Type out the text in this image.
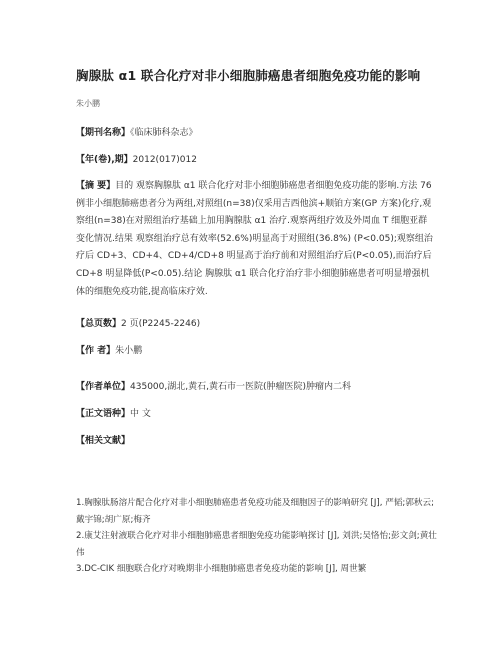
胸腺肽 α1 联合化疗对非小细胞肺癌患者细胞免疫功能的影响
朱小鹏
【期刊名称】《临床肺科杂志》
【年(卷),期】2012(017)012
【摘 要】目的 观察胸腺肽 α1 联合化疗对非小细胞肺癌患者细胞免疫功能的影响.方法 76 例非小细胞肺癌患者分为两组,对照组(n=38)仅采用吉西他滨+顺铂方案(GP 方案)化疗,观察组(n=38)在对照组治疗基础上加用胸腺肽 α1 治疗.观察两组疗效及外周血 T 细胞亚群变化情况.结果 观察组治疗总有效率(52.6%)明显高于对照组(36.8%) (P<0.05);观察组治疗后 CD+3、CD+4、CD+4/CD+8 明显高于治疗前和对照组治疗后(P<0.05),而治疗后 CD+8 明显降低(P<0.05).结论 胸腺肽 α1 联合化疗治疗非小细胞肺癌患者可明显增强机体的细胞免疫功能,提高临床疗效.
【总页数】2 页(P2245-2246)
【作 者】朱小鹏
【作者单位】435000,湖北,黄石,黄石市一医院(肿瘤医院)肿瘤内二科
【正文语种】中 文
【相关文献】
1.胸腺肽肠溶片配合化疗对非小细胞肺癌患者免疫功能及细胞因子的影响研究 [J], 严韬;郭秋云;戴宇锦;胡广原;梅齐
2.康艾注射液联合化疗对非小细胞肺癌患者细胞免疫功能影响探讨 [J], 刘洪;吴恪怡;彭文剑;黄壮伟
3.DC-CIK 细胞联合化疗对晚期非小细胞肺癌患者免疫功能的影响 [J], 周世繁
